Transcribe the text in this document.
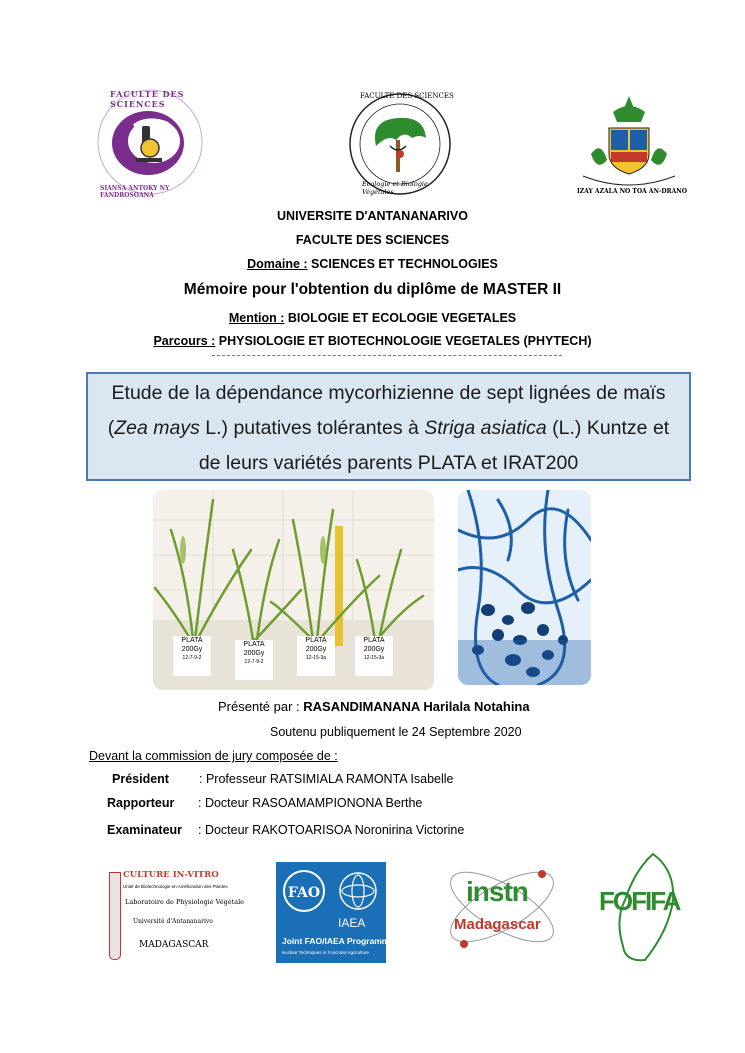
FACULTE DES SCIENCES
SIANSA ANTOKY NY FANDROSOANA
FACULTE DES SCIENCES
Ecologie et Biologie Végétales	IZAY AZALA NO TOA AN-DRANO
UNIVERSITE D'ANTANANARIVO
FACULTE DES SCIENCES
Domaine : SCIENCES ET TECHNOLOGIES
Mémoire pour l'obtention du diplôme de MASTER II
Mention : BIOLOGIE ET ECOLOGIE VEGETALES
Parcours : PHYSIOLOGIE ET BIOTECHNOLOGIE VEGETALES (PHYTECH)
Etude de la dépendance mycorhizienne de sept lignées de maïs
(Zea mays L.) putatives tolérantes à Striga asiatica (L.) Kuntze et
de leurs variétés parents PLATA et IRAT200
PLATA
200Gy
12-7-9-2
PLATA
200Gy
12-7-9-2
PLATA
200Gy
12-15-3a
PLATA
200Gy
12-15-3a
Présenté par : RASANDIMANANA Harilala Notahina
Soutenu publiquement le 24 Septembre 2020
Devant la commission de jury composée de :
Président : Professeur RATSIMIALA RAMONTA Isabelle
Rapporteur : Docteur RASOAMAMPIONONA Berthe
Examinateur : Docteur RAKOTOARISOA Noronirina Victorine
CULTURE IN-VITRO
Unité de Biotechnologie en Amélioration des Plantes
Laboratoire de Physiologie Végétale
Université d'Antananarivo
MADAGASCAR
FAO
IAEA
Joint FAO/IAEA Programme
Nuclear Techniques in Food and Agriculture
instn
Madagascar
FOFIFA
